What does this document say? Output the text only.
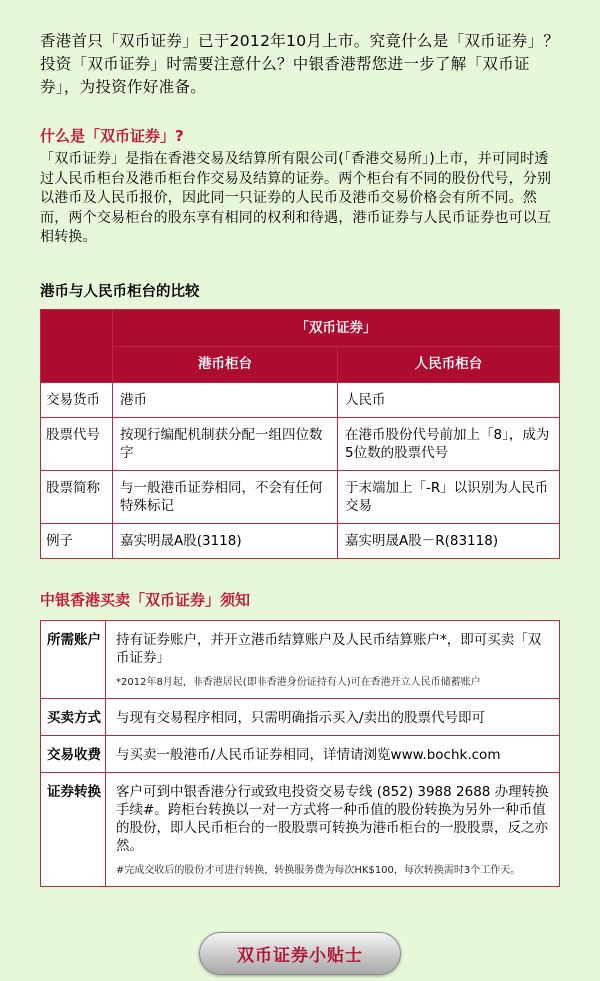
香港首只「双币证券」已于2012年10月上市。究竟什么是「双币证券」？投资「双币证券」时需要注意什么？中银香港帮您进一步了解「双币证券」，为投资作好准备。

什么是「双币证券」?

「双币证券」是指在香港交易及结算所有限公司(「香港交易所」)上市，并可同时透过人民币柜台及港币柜台作交易及结算的证券。两个柜台有不同的股份代号，分别以港币及人民币报价，因此同一只证券的人民币及港币交易价格会有所不同。然而，两个交易柜台的股东享有相同的权利和待遇，港币证券与人民币证券也可以互相转换。

港币与人民币柜台的比较
	「双币证券」	
	港币柜台	人民币柜台
交易货币	港币	人民币
股票代号	按现行编配机制获分配一组四位数字	在港币股份代号前加上「8」，成为5位数的股票代号
股票简称	与一般港币证券相同，不会有任何特殊标记	于末端加上「-R」以识别为人民币交易
例子	嘉实明晟A股(3118)	嘉实明晟A股－R(83118)
中银香港买卖「双币证券」须知
所需账户	持有证券账户，并开立港币结算账户及人民币结算账户*，即可买卖「双币证券」
*2012年8月起，非香港居民(即非香港身份证持有人)可在香港开立人民币储蓄账户

买卖方式	与现有交易程序相同，只需明确指示买入/卖出的股票代号即可
交易收费	与买卖一般港币/人民币证券相同，详情请浏览www.bochk.com
证券转换	客户可到中银香港分行或致电投资交易专线 (852) 3988 2688 办理转换手续#。跨柜台转换以一对一方式将一种币值的股份转换为另外一种币值的股份，即人民币柜台的一股股票可转换为港币柜台的一股股票，反之亦然。
#完成交收后的股份才可进行转换，转换服务费为每次HK$100，每次转换需时3个工作天。
双币证券小贴士
